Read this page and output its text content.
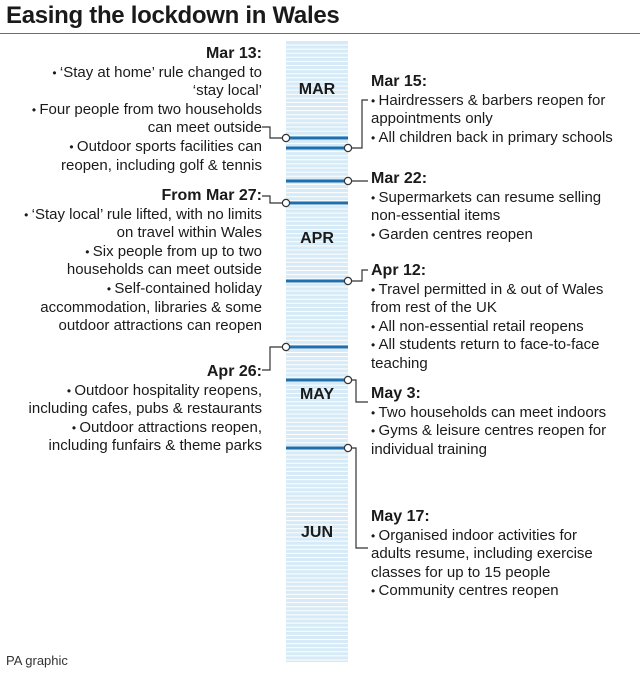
Easing the lockdown in Wales
MAR
APR
MAY
JUN
Mar 13:
• ‘Stay at home’ rule changed to ‘stay local’
• Four people from two households can meet outside
• Outdoor sports facilities can reopen, including golf & tennis
Mar 15:
• Hairdressers & barbers reopen for appointments only
• All children back in primary schools
Mar 22:
• Supermarkets can resume selling non-essential items
• Garden centres reopen
From Mar 27:
• ‘Stay local’ rule lifted, with no limits on travel within Wales
• Six people from up to two households can meet outside
• Self-contained holiday accommodation, libraries & some outdoor attractions can reopen
Apr 12:
• Travel permitted in & out of Wales from rest of the UK
• All non-essential retail reopens
• All students return to face-to-face teaching
Apr 26:
• Outdoor hospitality reopens, including cafes, pubs & restaurants
• Outdoor attractions reopen, including funfairs & theme parks
May 3:
• Two households can meet indoors
• Gyms & leisure centres reopen for individual training
May 17:
• Organised indoor activities for adults resume, including exercise classes for up to 15 people
• Community centres reopen
PA graphic
